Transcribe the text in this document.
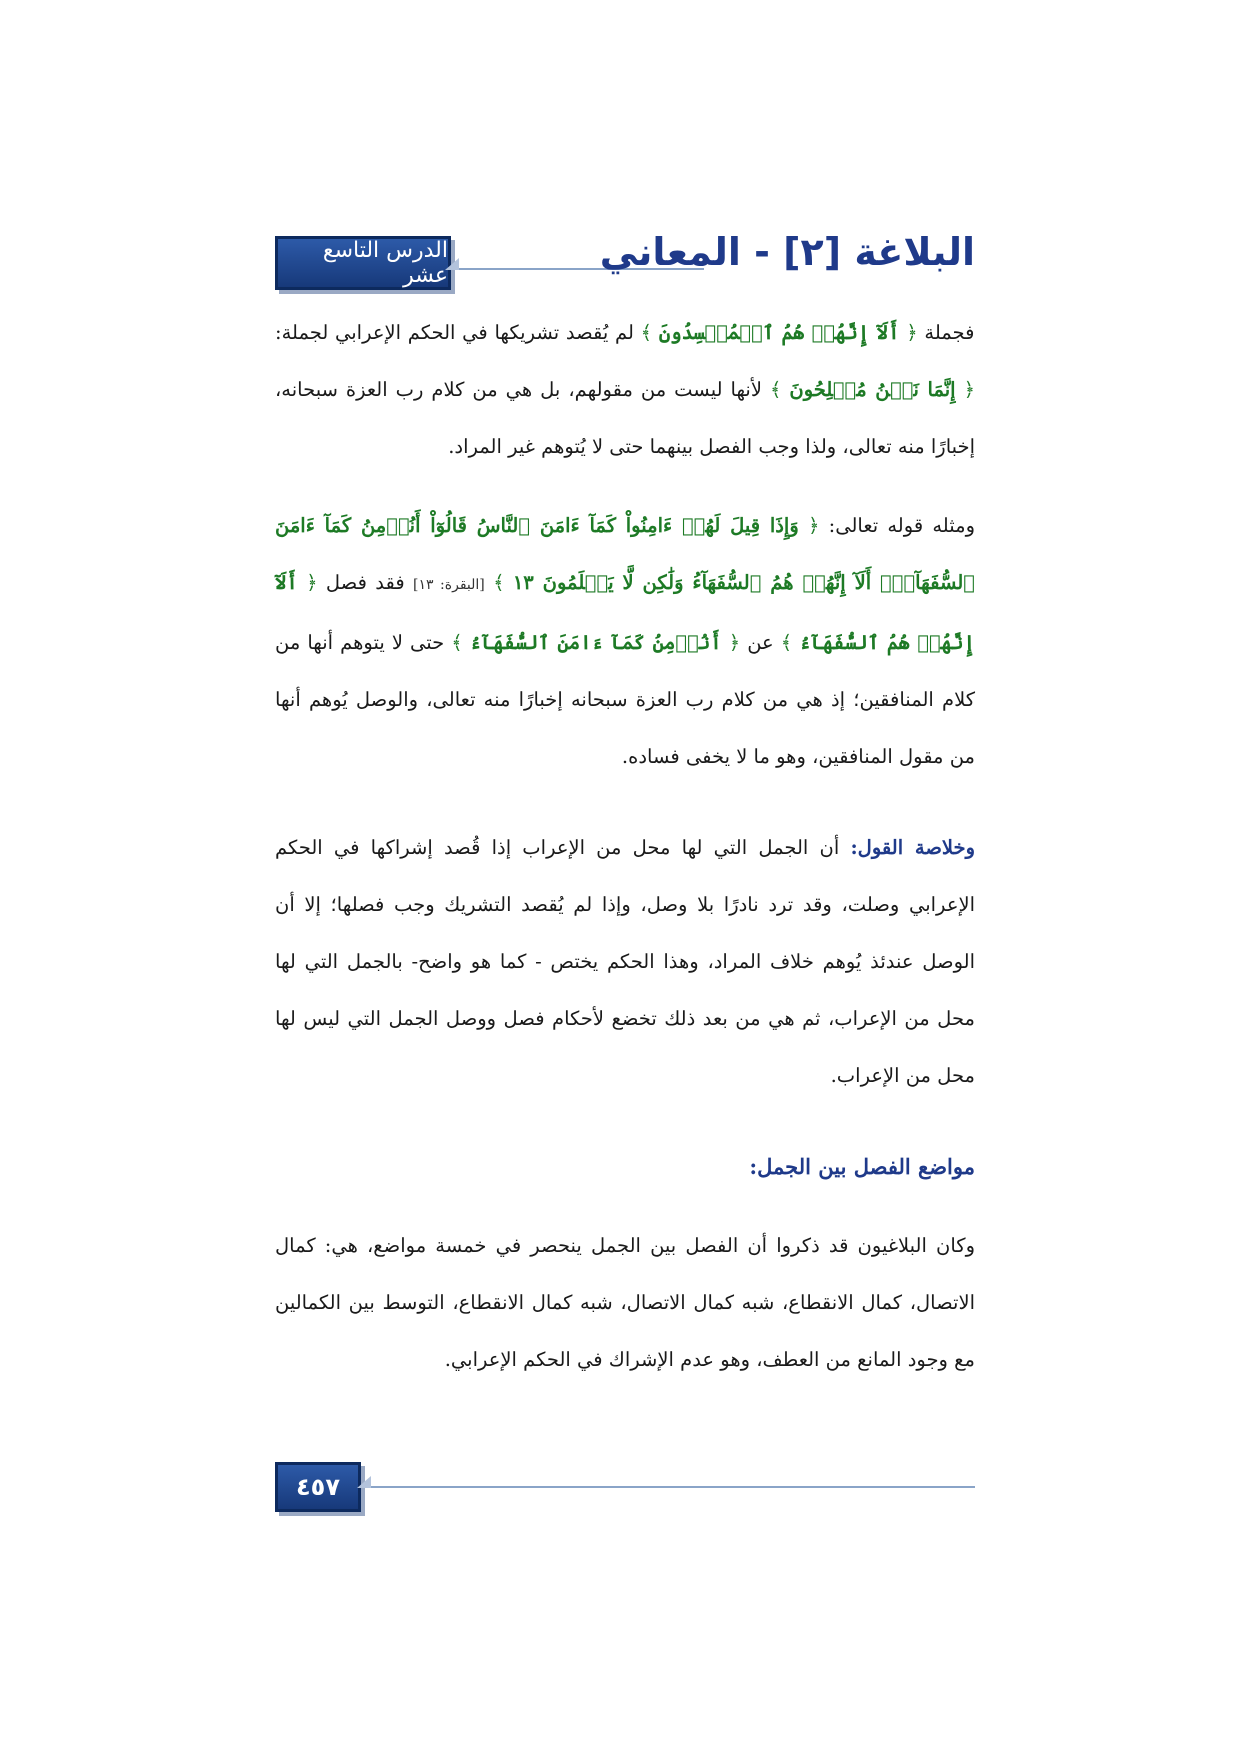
الدرس التاسع عشر
البلاغة [٢] - المعاني

فجملة ﴿ أَلَآ إِنَّهُمۡ هُمُ ٱلۡمُفۡسِدُونَ ﴾ لم يُقصد تشريكها في الحكم الإعرابي لجملة: ﴿ إِنَّمَا نَحۡنُ مُصۡلِحُونَ ﴾ لأنها ليست من مقولهم، بل هي من كلام رب العزة سبحانه، إخبارًا منه تعالى، ولذا وجب الفصل بينهما حتى لا يُتوهم غير المراد.

ومثله قوله تعالى: ﴿ وَإِذَا قِيلَ لَهُمۡ ءَامِنُواْ كَمَآ ءَامَنَ ٱلنَّاسُ قَالُوٓاْ أَنُؤۡمِنُ كَمَآ ءَامَنَ ٱلسُّفَهَآءُۗ أَلَآ إِنَّهُمۡ هُمُ ٱلسُّفَهَآءُ وَلَٰكِن لَّا يَعۡلَمُونَ ١٣ ﴾ [البقرة: ١٣] فقد فصل ﴿ أَلَآ إِنَّهُمۡ هُمُ ٱلسُّفَهَآءُ ﴾ عن ﴿ أَنُؤۡمِنُ كَمَآ ءَامَنَ ٱلسُّفَهَآءُ ﴾ حتى لا يتوهم أنها من كلام المنافقين؛ إذ هي من كلام رب العزة سبحانه إخبارًا منه تعالى، والوصل يُوهم أنها من مقول المنافقين، وهو ما لا يخفى فساده.

وخلاصة القول: أن الجمل التي لها محل من الإعراب إذا قُصد إشراكها في الحكم الإعرابي وصلت، وقد ترد نادرًا بلا وصل، وإذا لم يُقصد التشريك وجب فصلها؛ إلا أن الوصل عندئذ يُوهم خلاف المراد، وهذا الحكم يختص - كما هو واضح- بالجمل التي لها محل من الإعراب، ثم هي من بعد ذلك تخضع لأحكام فصل ووصل الجمل التي ليس لها محل من الإعراب.

مواضع الفصل بين الجمل:

وكان البلاغيون قد ذكروا أن الفصل بين الجمل ينحصر في خمسة مواضع، هي: كمال الاتصال، كمال الانقطاع، شبه كمال الاتصال، شبه كمال الانقطاع، التوسط بين الكمالين مع وجود المانع من العطف، وهو عدم الإشراك في الحكم الإعرابي.

٤٥٧
